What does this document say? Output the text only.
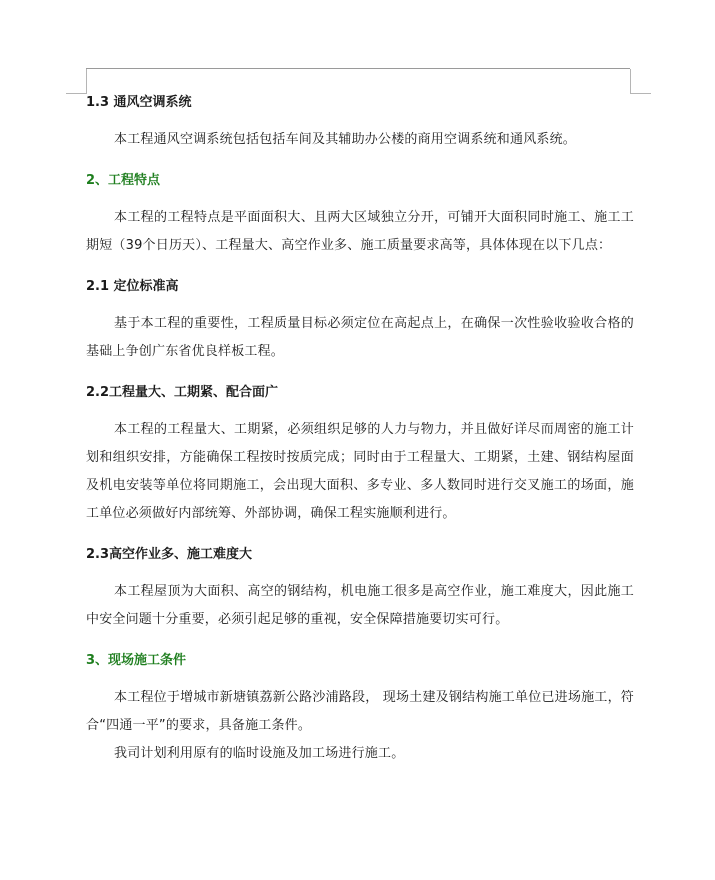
1.3 通风空调系统

本工程通风空调系统包括包括车间及其辅助办公楼的商用空调系统和通风系统。

2、工程特点

本工程的工程特点是平面面积大、且两大区域独立分开，可铺开大面积同时施工、施工工期短（39个日历天）、工程量大、高空作业多、施工质量要求高等，具体体现在以下几点：

2.1 定位标准高

基于本工程的重要性，工程质量目标必须定位在高起点上，在确保一次性验收验收合格的基础上争创广东省优良样板工程。

2.2工程量大、工期紧、配合面广

本工程的工程量大、工期紧，必须组织足够的人力与物力，并且做好详尽而周密的施工计划和组织安排，方能确保工程按时按质完成；同时由于工程量大、工期紧，土建、钢结构屋面及机电安装等单位将同期施工，会出现大面积、多专业、多人数同时进行交叉施工的场面，施工单位必须做好内部统筹、外部协调，确保工程实施顺利进行。

2.3高空作业多、施工难度大

本工程屋顶为大面积、高空的钢结构，机电施工很多是高空作业，施工难度大，因此施工中安全问题十分重要，必须引起足够的重视，安全保障措施要切实可行。

3、现场施工条件

本工程位于增城市新塘镇荔新公路沙浦路段， 现场土建及钢结构施工单位已进场施工，符合“四通一平”的要求，具备施工条件。

我司计划利用原有的临时设施及加工场进行施工。
